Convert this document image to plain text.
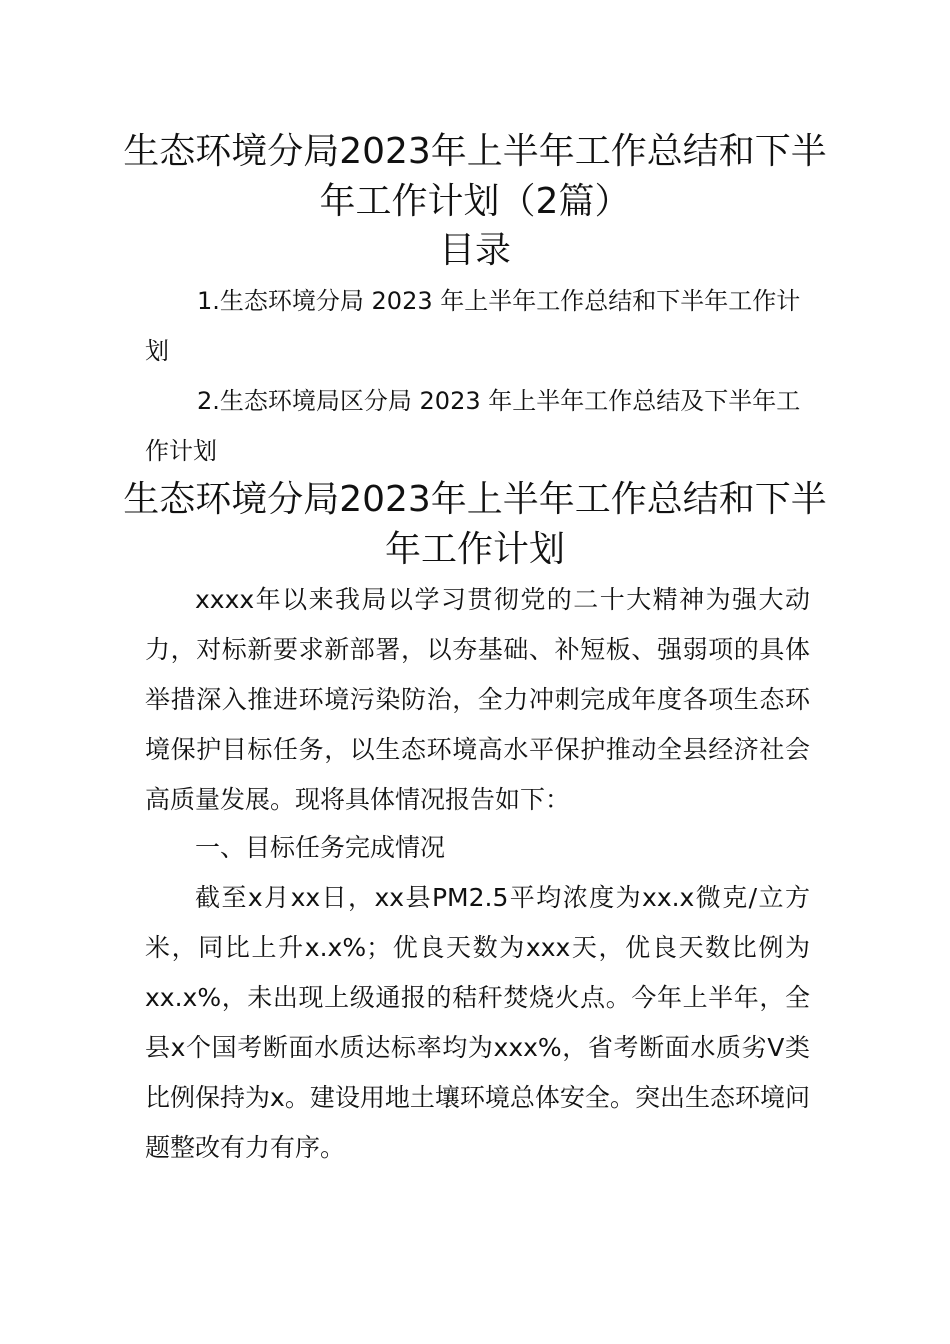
生态环境分局2023年上半年工作总结和下半年工作计划（2篇）
目录

1.生态环境分局 2023 年上半年工作总结和下半年工作计划

2.生态环境局区分局 2023 年上半年工作总结及下半年工作计划

生态环境分局2023年上半年工作总结和下半年工作计划

xxxx年以来我局以学习贯彻党的二十大精神为强大动力，对标新要求新部署，以夯基础、补短板、强弱项的具体举措深入推进环境污染防治，全力冲刺完成年度各项生态环境保护目标任务，以生态环境高水平保护推动全县经济社会高质量发展。现将具体情况报告如下：

一、目标任务完成情况

截至x月xx日，xx县PM2.5平均浓度为xx.x微克/立方米，同比上升x.x%；优良天数为xxx天，优良天数比例为xx.x%，未出现上级通报的秸秆焚烧火点。今年上半年，全县x个国考断面水质达标率均为xxx%，省考断面水质劣Ⅴ类比例保持为x。建设用地土壤环境总体安全。突出生态环境问题整改有力有序。
